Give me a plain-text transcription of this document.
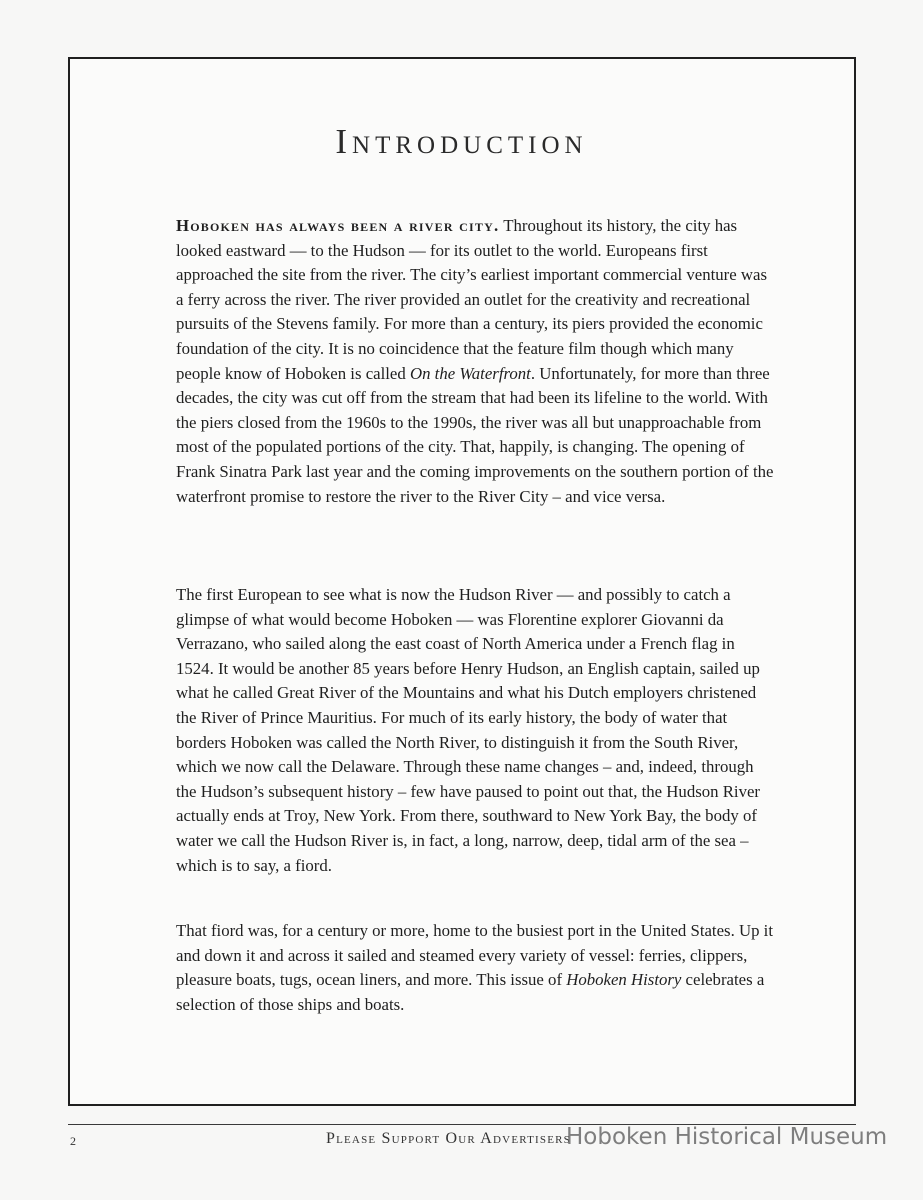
Introduction

Hoboken has always been a river city. Throughout its history, the city has looked eastward — to the Hudson — for its outlet to the world. Europeans first approached the site from the river. The city’s earliest important commercial venture was a ferry across the river. The river provided an outlet for the creativity and recreational pursuits of the Stevens family. For more than a century, its piers provided the economic foundation of the city. It is no coincidence that the feature film though which many people know of Hoboken is called On the Waterfront. Unfortunately, for more than three decades, the city was cut off from the stream that had been its lifeline to the world. With the piers closed from the 1960s to the 1990s, the river was all but unapproachable from most of the populated portions of the city. That, happily, is changing. The opening of Frank Sinatra Park last year and the coming improvements on the southern portion of the waterfront promise to restore the river to the River City – and vice versa.

The first European to see what is now the Hudson River — and possibly to catch a glimpse of what would become Hoboken — was Florentine explorer Giovanni da Verrazano, who sailed along the east coast of North America under a French flag in 1524. It would be another 85 years before Henry Hudson, an English captain, sailed up what he called Great River of the Mountains and what his Dutch employers christened the River of Prince Mauritius. For much of its early history, the body of water that borders Hoboken was called the North River, to distinguish it from the South River, which we now call the Delaware. Through these name changes – and, indeed, through the Hudson’s subsequent history – few have paused to point out that, the Hudson River actually ends at Troy, New York. From there, southward to New York Bay, the body of water we call the Hudson River is, in fact, a long, narrow, deep, tidal arm of the sea – which is to say, a fiord.

That fiord was, for a century or more, home to the busiest port in the United States. Up it and down it and across it sailed and steamed every variety of vessel: ferries, clippers, pleasure boats, tugs, ocean liners, and more. This issue of Hoboken History celebrates a selection of those ships and boats.

2	Please Support Our Advertisers
Hoboken Historical Museum
